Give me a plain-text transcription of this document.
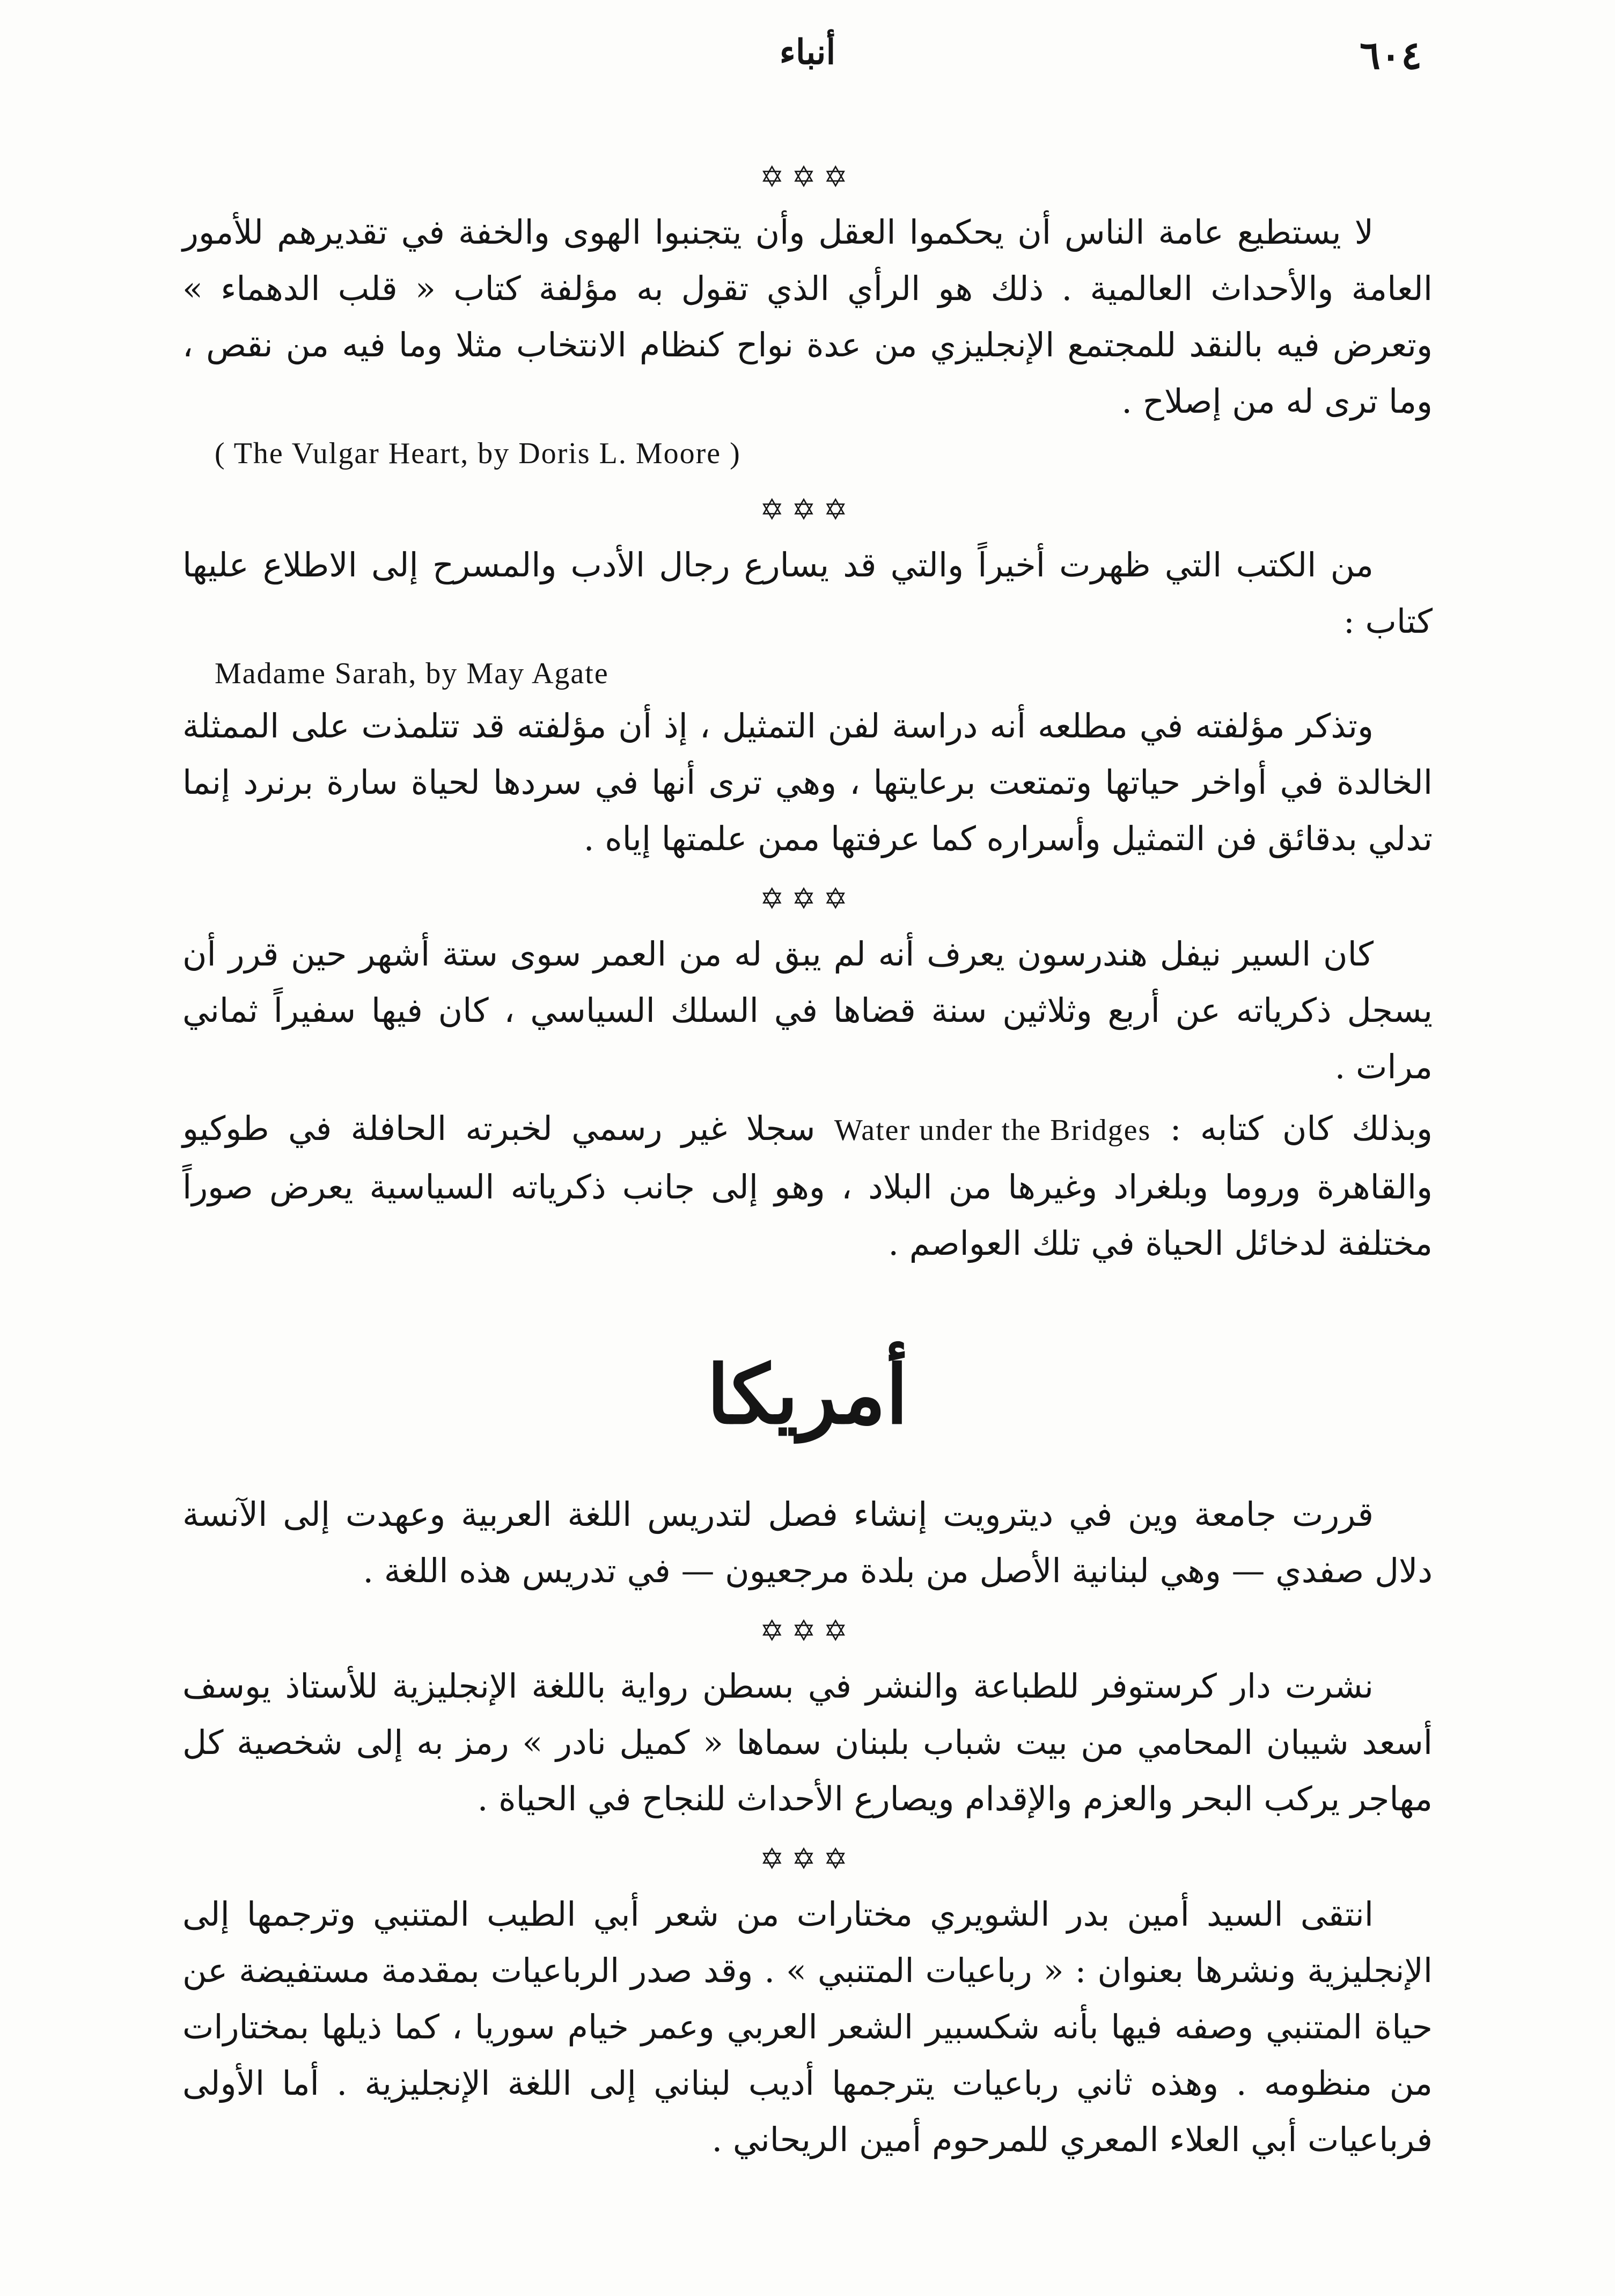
٦٠٤
أنباء
✡✡✡

لا يستطيع عامة الناس أن يحكموا العقل وأن يتجنبوا الهوى والخفة في تقديرهم للأمور العامة والأحداث العالمية . ذلك هو الرأي الذي تقول به مؤلفة كتاب « قلب الدهماء » وتعرض فيه بالنقد للمجتمع الإنجليزي من عدة نواح كنظام الانتخاب مثلا وما فيه من نقص ، وما ترى له من إصلاح .

( The Vulgar Heart, by Doris L. Moore )
✡✡✡

من الكتب التي ظهرت أخيراً والتي قد يسارع رجال الأدب والمسرح إلى الاطلاع عليها كتاب :

Madame Sarah, by May Agate

وتذكر مؤلفته في مطلعه أنه دراسة لفن التمثيل ، إذ أن مؤلفته قد تتلمذت على الممثلة الخالدة في أواخر حياتها وتمتعت برعايتها ، وهي ترى أنها في سردها لحياة سارة برنرد إنما تدلي بدقائق فن التمثيل وأسراره كما عرفتها ممن علمتها إياه .

✡✡✡

كان السير نيفل هندرسون يعرف أنه لم يبق له من العمر سوى ستة أشهر حين قرر أن يسجل ذكرياته عن أربع وثلاثين سنة قضاها في السلك السياسي ، كان فيها سفيراً ثماني مرات .

وبذلك كان كتابه : Water under the Bridges سجلا غير رسمي لخبرته الحافلة في طوكيو والقاهرة وروما وبلغراد وغيرها من البلاد ، وهو إلى جانب ذكرياته السياسية يعرض صوراً مختلفة لدخائل الحياة في تلك العواصم .

أمريكا

قررت جامعة وين في ديترويت إنشاء فصل لتدريس اللغة العربية وعهدت إلى الآنسة دلال صفدي — وهي لبنانية الأصل من بلدة مرجعيون — في تدريس هذه اللغة .

✡✡✡

نشرت دار كرستوفر للطباعة والنشر في بسطن رواية باللغة الإنجليزية للأستاذ يوسف أسعد شيبان المحامي من بيت شباب بلبنان سماها « كميل نادر » رمز به إلى شخصية كل مهاجر يركب البحر والعزم والإقدام ويصارع الأحداث للنجاح في الحياة .

✡✡✡

انتقى السيد أمين بدر الشويري مختارات من شعر أبي الطيب المتنبي وترجمها إلى الإنجليزية ونشرها بعنوان : « رباعيات المتنبي » . وقد صدر الرباعيات بمقدمة مستفيضة عن حياة المتنبي وصفه فيها بأنه شكسبير الشعر العربي وعمر خيام سوريا ، كما ذيلها بمختارات من منظومه . وهذه ثاني رباعيات يترجمها أديب لبناني إلى اللغة الإنجليزية . أما الأولى فرباعيات أبي العلاء المعري للمرحوم أمين الريحاني .
